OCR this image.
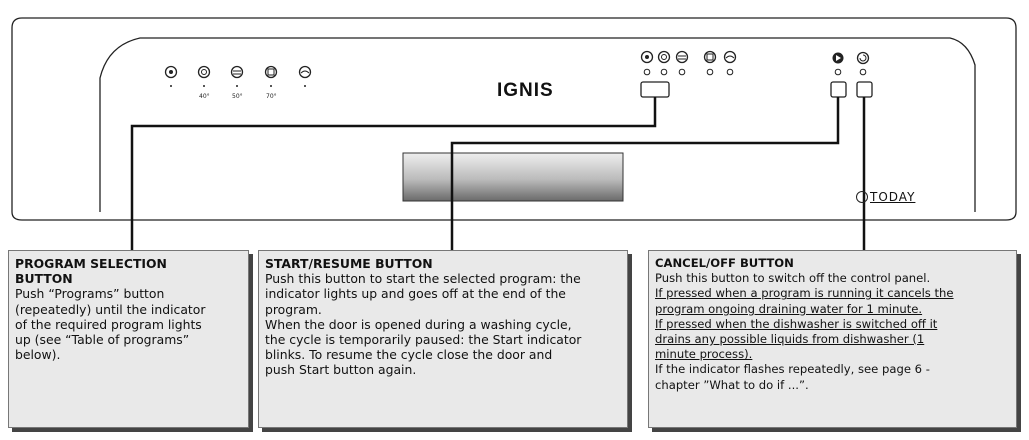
40°	50°	70°	IGNIS
TODAY
PROGRAM SELECTION
BUTTON

Push “Programs” button

(repeatedly) until the indicator

of the required program lights

up (see “Table of programs”

below).

START/RESUME BUTTON

Push this button to start the selected program: the

indicator lights up and goes off at the end of the

program.

When the door is opened during a washing cycle,

the cycle is temporarily paused: the Start indicator

blinks. To resume the cycle close the door and

push Start button again.

CANCEL/OFF BUTTON

Push this button to switch off the control panel.

If pressed when a program is running it cancels the

program ongoing draining water for 1 minute.

If pressed when the dishwasher is switched off it

drains any possible liquids from dishwasher (1

minute process).

If the indicator flashes repeatedly, see page 6 -

chapter ”What to do if ...”.
